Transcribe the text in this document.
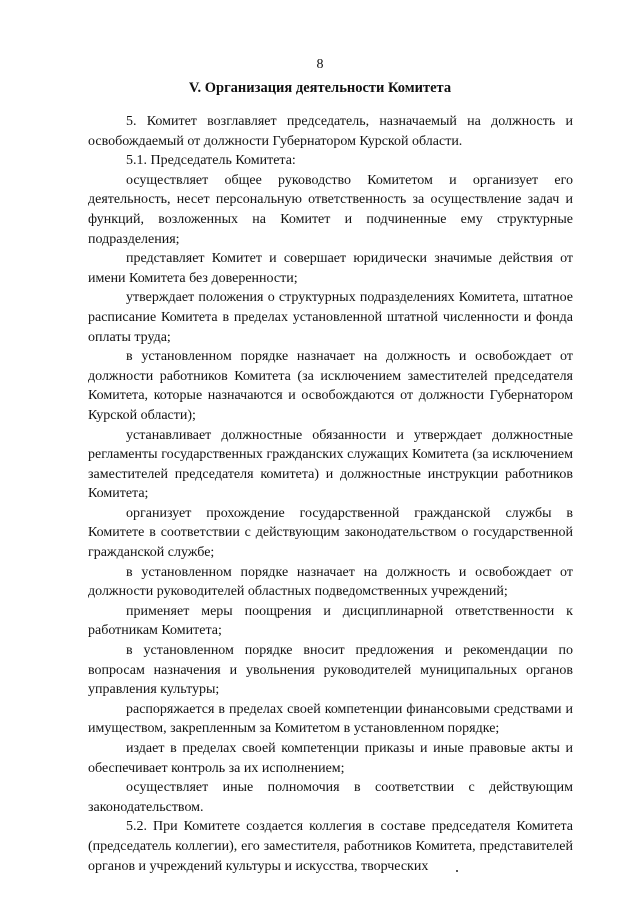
8
V. Организация деятельности Комитета

5. Комитет возглавляет председатель, назначаемый на должность и освобождаемый от должности Губернатором Курской области.

5.1. Председатель Комитета:

осуществляет общее руководство Комитетом и организует его деятельность, несет персональную ответственность за осуществление задач и функций, возложенных на Комитет и подчиненные ему структурные подразделения;

представляет Комитет и совершает юридически значимые действия от имени Комитета без доверенности;

утверждает положения о структурных подразделениях Комитета, штатное расписание Комитета в пределах установленной штатной численности и фонда оплаты труда;

в установленном порядке назначает на должность и освобождает от должности работников Комитета (за исключением заместителей председателя Комитета, которые назначаются и освобождаются от должности Губернатором Курской области);

устанавливает должностные обязанности и утверждает должностные регламенты государственных гражданских служащих Комитета (за исключением заместителей председателя комитета) и должностные инструкции работников Комитета;

организует прохождение государственной гражданской службы в Комитете в соответствии с действующим законодательством о государственной гражданской службе;

в установленном порядке назначает на должность и освобождает от должности руководителей областных подведомственных учреждений;

применяет меры поощрения и дисциплинарной ответственности к работникам Комитета;

в установленном порядке вносит предложения и рекомендации по вопросам назначения и увольнения руководителей муниципальных органов управления культуры;

распоряжается в пределах своей компетенции финансовыми средствами и имуществом, закрепленным за Комитетом в установленном порядке;

издает в пределах своей компетенции приказы и иные правовые акты и обеспечивает контроль за их исполнением;

осуществляет иные полномочия в соответствии с действующим законодательством.

5.2. При Комитете создается коллегия в составе председателя Комитета (председатель коллегии), его заместителя, работников Комитета, представителей органов и учреждений культуры и искусства, творческих
